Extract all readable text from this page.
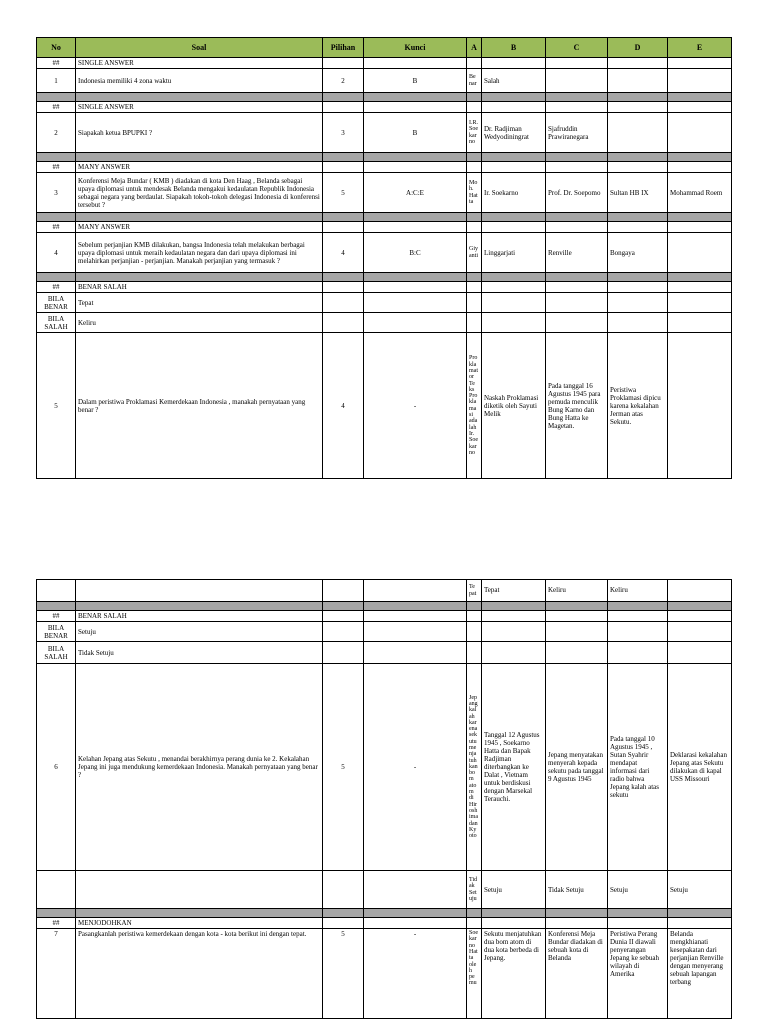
No	Soal	Pilihan	Kunci	A	B	C	D	E
##	SINGLE ANSWER							
1	Indonesia memiliki 4 zona waktu	2	B	Be nar	Salah			

##	SINGLE ANSWER							
2	Siapakah ketua BPUPKI ?	3	B	I.R. Soe kar no	Dr. Radjiman Wedyodiningrat	Sjafruddin Prawiranegara		

##	MANY ANSWER							
3	Konferensi Meja Bundar ( KMB ) diadakan di kota Den Haag , Belanda sebagai upaya diplomasi untuk mendesak Belanda mengakui kedaulatan Republik Indonesia sebagai negara yang berdaulat. Siapakah tokoh-tokoh delegasi Indonesia di konferensi tersebut ?	5	A:C:E	Mo h. Hat ta	Ir. Soekarno	Prof. Dr. Soepomo	Sultan HB IX	Mohammad Roem

##	MANY ANSWER							
4	Sebelum perjanjian KMB dilakukan, bangsa Indonesia telah melakukan berbagai upaya diplomasi untuk meraih kedaulatan negara dan dari upaya diplomasi ini melahirkan perjanjian - perjanjian. Manakah perjanjian yang termasuk ?	4	B:C	Giy anti	Linggarjati	Renville	Bongaya	

##	BENAR SALAH							
BILA BENAR	Tepat							
BILA SALAH	Keliru							
5	Dalam peristiwa Proklamasi Kemerdekaan Indonesia , manakah pernyataan yang benar ?	4	-	Pro kla mat or Te ks Pro kla ma si ada lah Ir. Soe kar no	Naskah Proklamasi diketik oleh Sayuti Melik	Pada tanggal 16 Agustus 1945 para pemuda menculik Bung Karno dan Bung Hatta ke Magetan.	Peristiwa Proklamasi dipicu karena kekalahan Jerman atas Sekutu.	
				Te pat	Tepat	Keliru	Keliru	

##	BENAR SALAH							
BILA BENAR	Setuju							
BILA SALAH	Tidak Setuju							
6	Kelahan Jepang atas Sekutu , menandai berakhirnya perang dunia ke 2. Kekalahan Jepang ini juga mendukung kemerdekaan Indonesia. Manakah pernyataan yang benar ?	5	-	Jep ang kal ah kar ena sek utu me nja tuh kan bo m ato m di Hir osh ima dan Ky oto	Tanggal 12 Agustus 1945 , Soekarno Hatta dan Bapak Radjiman diterbangkan ke Dalat , Vietnam untuk berdiskusi dengan Marsekal Terauchi.	Jepang menyatakan menyerah kepada sekutu pada tanggal 9 Agustus 1945	Pada tanggal 10 Agustus 1945 , Sutan Syahrir mendapat informasi dari radio bahwa Jepang kalah atas sekutu	Deklarasi kekalahan Jepang atas Sekutu dilakukan di kapal USS Missouri
				Tid ak Set uju	Setuju	Tidak Setuju	Setuju	Setuju

##	MENJODOHKAN							
7	Pasangkanlah peristiwa kemerdekaan dengan kota - kota berikut ini dengan tepat.	5	-	Soe kar no Hat ta ole h pe mu	Sekutu menjatuhkan dua bom atom di dua kota berbeda di Jepang.	Konferensi Meja Bundar diadakan di sebuah kota di Belanda	Peristiwa Perang Dunia II diawali penyerangan Jepang ke sebuah wilayah di Amerika	Belanda mengkhianati kesepakatan dari perjanjian Renville dengan menyerang sebuah lapangan terbang
